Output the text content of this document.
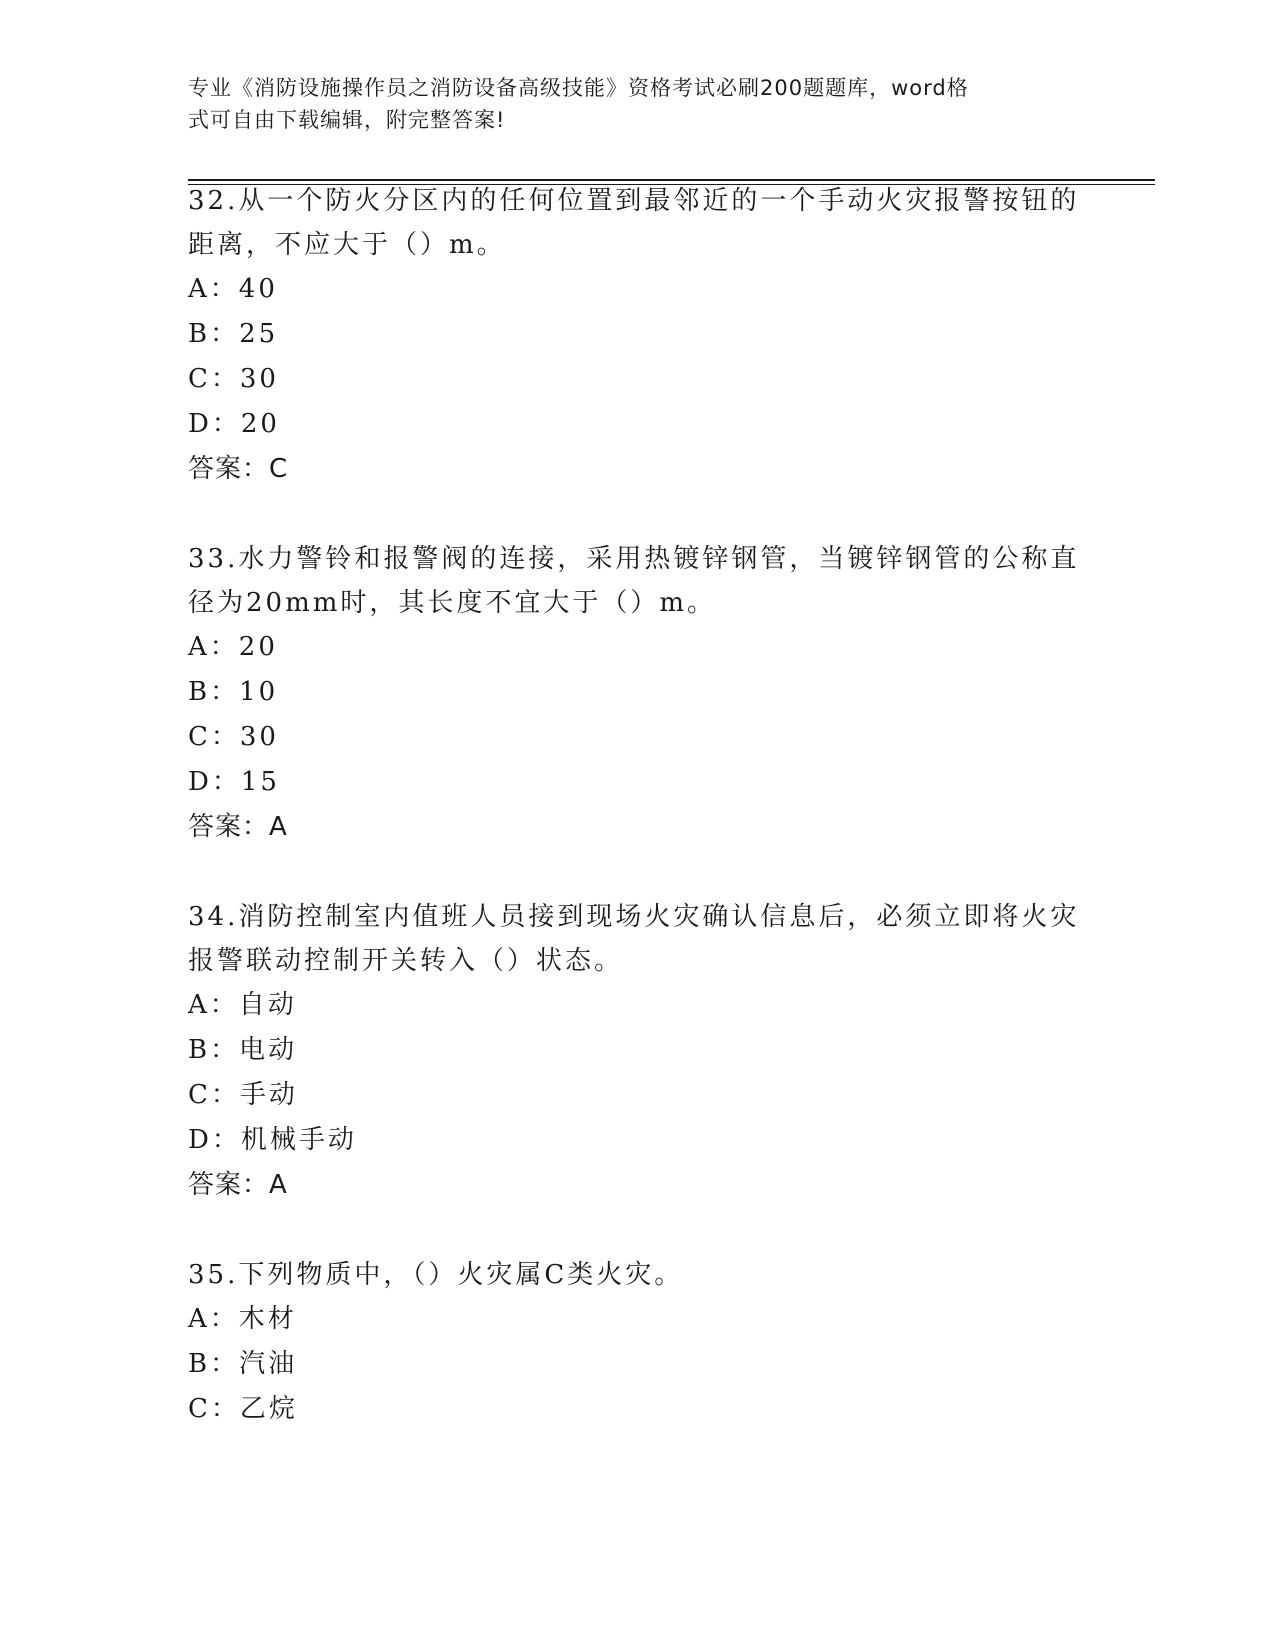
专业《消防设施操作员之消防设备高级技能》资格考试必刷200题题库，word格
式可自由下载编辑，附完整答案!
32.从一个防火分区内的任何位置到最邻近的一个手动火灾报警按钮的
距离，不应大于（）m。
A：40
B：25
C：30
D：20
答案：C
33.水力警铃和报警阀的连接，采用热镀锌钢管，当镀锌钢管的公称直
径为20mm时，其长度不宜大于（）m。
A：20
B：10
C：30
D：15
答案：A
34.消防控制室内值班人员接到现场火灾确认信息后，必须立即将火灾
报警联动控制开关转入（）状态。
A：自动
B：电动
C：手动
D：机械手动
答案：A
35.下列物质中，（）火灾属C类火灾。
A：木材
B：汽油
C：乙烷
